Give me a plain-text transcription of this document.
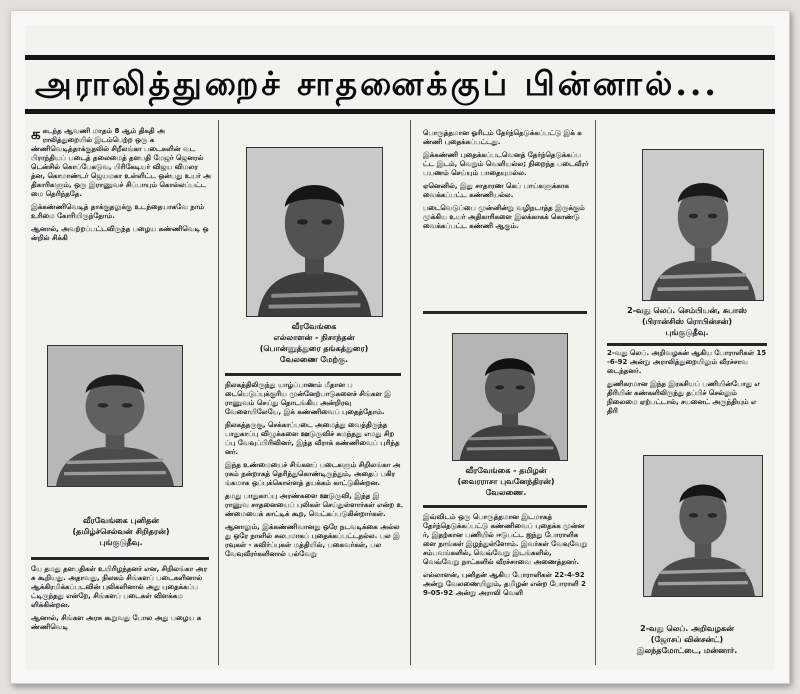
அராலித்துறைச் சாதனைக்குப் பின்னால்...

ககடந்த ஆவணி மாதம் 8 ஆம் திகதி அராலித்துறையில் இடம்பெற்ற ஒரு கண்ணிவெடித்தாக்குதலில் சிறீலங்கா படைகளின் வடபிராந்தியப் படைத் தலைமைத் தளபதி மேஜர் ஜெனரல் டென்சில் கொப்பேகடுவ, பிரிகேடியர் விஜய விமலரத்ன, கொமாண்டர் ஜெயமகா உள்ளிட்ட ஒன்பது உயர் அதிகாரிகளும், ஒரு இராணுவச் சிப்பாயும் கொல்லப்பட்டமை தெரிந்ததே.

இக்கண்ணிவெடித் தாக்குதலுக்கு உடந்தையாகவே நாம் உரிமை கோரியிருந்தோம்.

ஆனால், அவற்றப்பட்டவிருந்த பழைய கண்ணிவெடி ஒன்றில் சிக்கி

வீரவேங்கை
எல்லாளன் - நிசாந்தன்
(பொன்னுத்துரை தங்கத்துரை)
வேலணை மேற்கு.

பொருத்தமான ஓரிடம் தேர்ந்தெடுக்கப்பட்டு இக் கண்ணி புதைக்கப்பட்டது.

இக்கண்ணி புதைக்கப்படவெனத் தேர்ந்தெடுக்கப்பட்ட இடம், வெறும் வெளியல்ல; நிறைந்த படைவீரர் பயணம் செய்யும் பாதையுமல்ல.

ஏனெனில், இது சாதாரண கெப் பாய்களுக்காக வைக்கப்பட்ட கண்ணியல்ல.

படைவெடுப்பை முன்னின்று வழிநடாத்த இருக்கும் முக்கிய உயர் அதிகாரிகளை இலக்காகக் கொண்டு வைக்கப்பட்ட கண்ணி ஆகும்.

2-வது லெப். செம்பியன், சுபாஸ்
(பிரான்சிஸ் ரொபின்சன்)
புங்குடுதீவு.

2-வது லெப். அறிவழகன் ஆகிய போராளிகள் 15-6-92 அன்று அராலித்துறையிலும் வீரச்சாவடைந்தனர்.

துணிகரமான இந்த இரகசியப் பணியின்போது எதிரியின் கண்களிலிருந்து தப்பிச் செல்லும் நிலைமை ஏற்பட்டால், சயனைட் அருந்தியும் எதிரி

வீரவேங்கை புனிதன்
(தமிழ்ச்செல்வன் சிறிதரன்)
புங்குடுதீவு.

யே தமது தளபதிகள் உயிரிழந்தனர் என, சிறிலங்கா அரசு கூறியது. அதாவது, நிலகம் சிங்களப் படைகளினால் ஆக்கிரமிக்கப்படவின் புலிகளினால் அது புதைக்கப்பட்டிருந்தது என்றே, சிங்களப் படைகள் விளக்கமளிக்கின்றன.

ஆனால், சிங்கள அரசு கூறுவது போல அது பழைய கண்ணிவெடி

நிலகத்திலிருந்து யாழ்ப்பாணம் மீதான படையெடுப்புக்குரிய முன்னேற்பாடுகளைச் சிங்கள இராணுவம் செய்து தொடங்கிய அன்றிரவு வேளையிலேயே, இக் கண்ணிவைப் புதைத்தோம்.

நிலகத்தருகு, செக்காப்படை அமைத்து வைத்திருந்த பாதுகாப்பு விழுக்களை ஊடுருவிச் சுமந்தது எமது சிறப்பு வேவுப்பிரிவினர், இந்த வீராக் கண்ணிவைப் புரிந்தனர்.

இந்த உண்மையைச் சிங்களப் படைகளும் சிறிலங்கா அரசும் நன்றாகத் தெரிந்துகொண்டிருந்தும், அதைப் பகிரங்கமாக ஒப்புக்கொள்ளத் தயக்கம் காட்டுகின்றன.

தமது பாதுகாப்பு அரண்களை ஊடுருவி, இந்த இராணுவ சாதனையைப் புலிகள் செய்துள்ளார்கள் என்ற உண்மையைக் காட்டிக் கூற, வெட்கப்படுகின்றார்கள்.

ஆனாலும், இக்கண்ணிவானது ஒரே நடவடிக்கை அல்லது ஒரே நாளில் சுலபமாகப் புதைக்கப்பட்டதல்ல. பல இரவுகள் - கவிர்ப்புகள் மத்தியில், பகைவர்கள், பல வேவுவீரர்களினால் பல்வேறு

வீரவேங்கை - தமிழன்
(வைரராசா புவனேந்திரன்)
வேலணை.

இவ்விடம் ஒரு பொருத்தமான இடமாகத் தேர்ந்தெடுக்கப்பட்டு கண்ணிவைப் புதைக்க முன்னர், இதற்கான பணியில் ஈடுபட்ட ஐந்து போராளிகளை நாங்கள் இழந்துள்ளோம். இவர்கள் வேவுவேறு சம்பவங்களில், வெவ்வேறு இடங்களில், வெவ்வேறு நாட்களில் வீரச்சாவை அணைத்தனர்.

எல்லாளன், புனிதன் ஆகிய போராளிகள் 22-4-92 அன்று வேலணையிலும், தமிழன் என்ற போராளி 29-05-92 அன்று அராலி வெளி

2-வது லெப். அறிவழகன்
(ஜோசப் வின்சன்ட்)
இலந்தமோட்டை, மன்னார்.
